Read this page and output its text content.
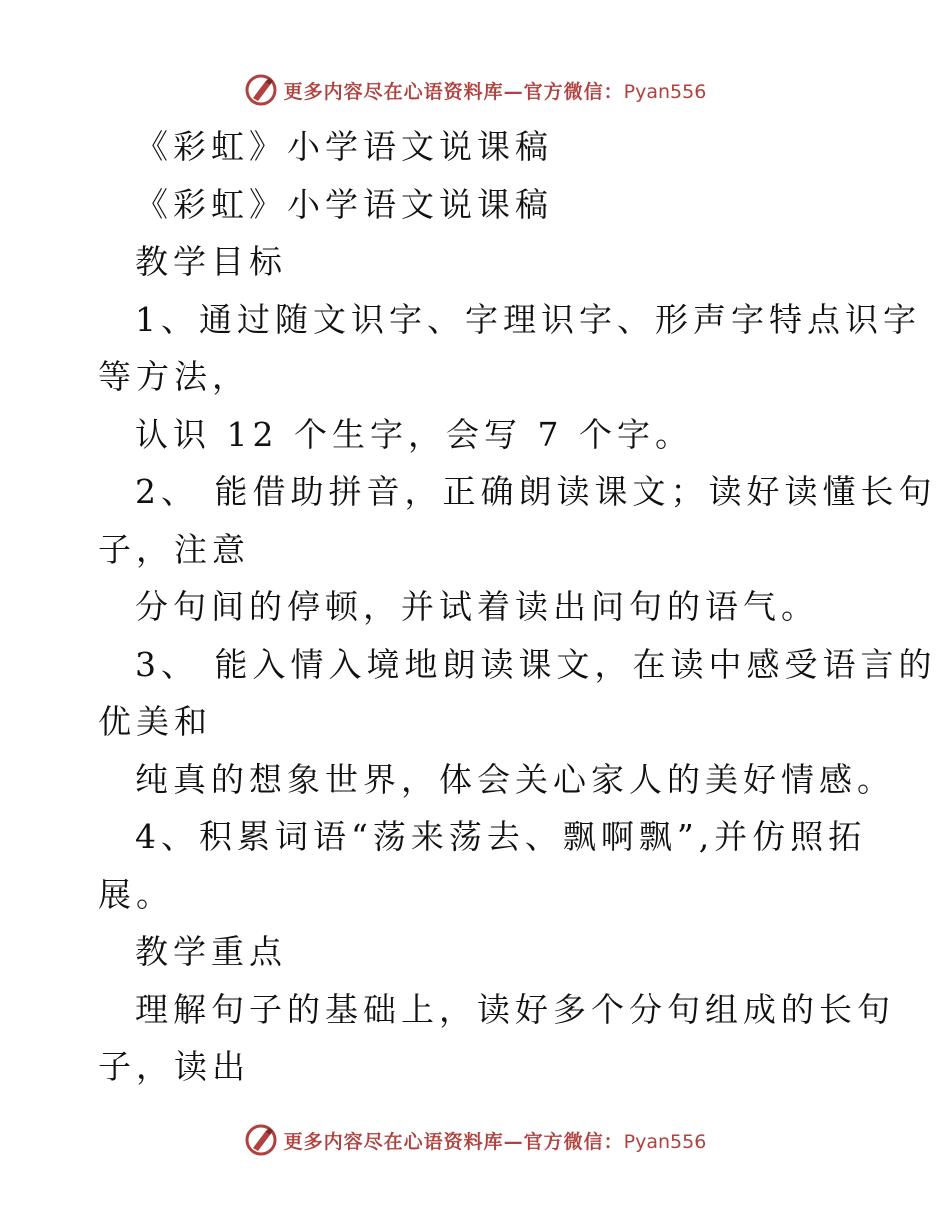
更多内容尽在心语资料库—官方微信：Pyan556
《彩虹》小学语文说课稿
《彩虹》小学语文说课稿
教学目标
1、通过随文识字、字理识字、形声字特点识字
等方法，
认识 12 个生字，会写 7 个字。
2、 能借助拼音，正确朗读课文；读好读懂长句
子，注意
分句间的停顿，并试着读出问句的语气。
3、 能入情入境地朗读课文，在读中感受语言的
优美和
纯真的想象世界，体会关心家人的美好情感。
4、积累词语“荡来荡去、飘啊飘”,并仿照拓
展。
教学重点
理解句子的基础上，读好多个分句组成的长句
子，读出
更多内容尽在心语资料库—官方微信：Pyan556
